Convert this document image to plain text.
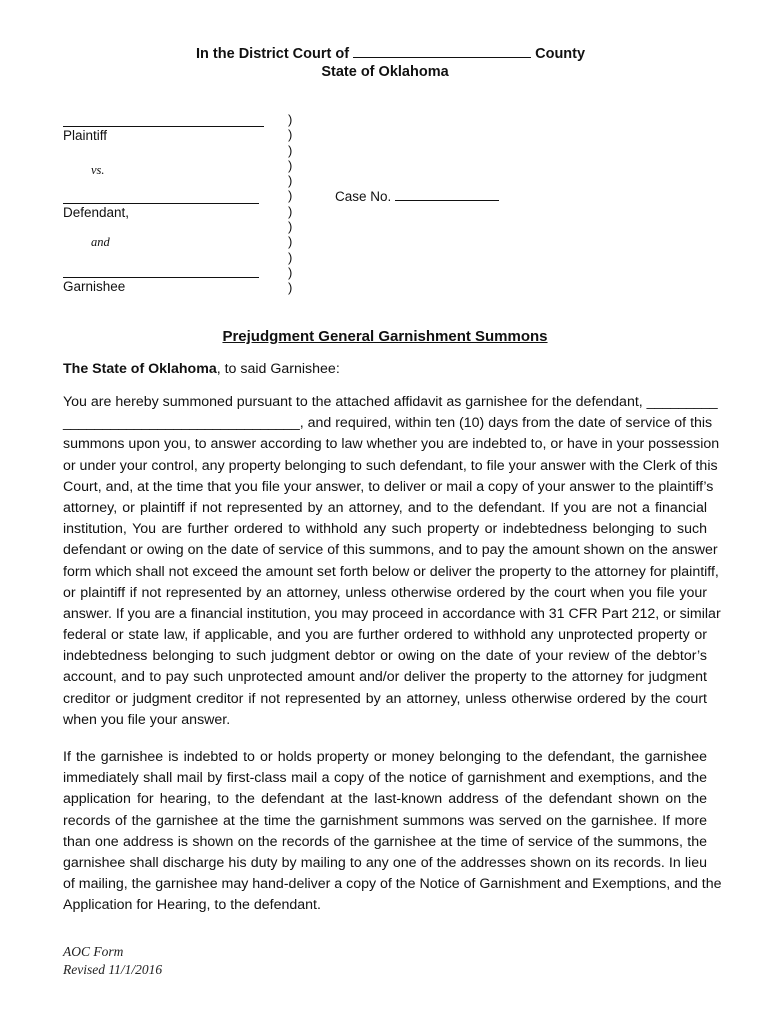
In the District Court of	County
State of Oklahoma
Plaintiff
vs.
Defendant,
and
Garnishee
)
)
)
)
)
)
)
)
)
)
)
)
Case No.
Prejudgment General Garnishment Summons
The State of Oklahoma, to said Garnishee:
You are hereby summoned pursuant to the attached affidavit as garnishee for the defendant, _________
______________________________, and required, within ten (10) days from the date of service of this
summons upon you, to answer according to law whether you are indebted to, or have in your possession
or under your control, any property belonging to such defendant, to file your answer with the Clerk of this
Court, and, at the time that you file your answer, to deliver or mail a copy of your answer to the plaintiff’s
attorney, or plaintiff if not represented by an attorney, and to the defendant. If you are not a financial
institution, You are further ordered to withhold any such property or indebtedness belonging to such
defendant or owing on the date of service of this summons, and to pay the amount shown on the answer
form which shall not exceed the amount set forth below or deliver the property to the attorney for plaintiff,
or plaintiff if not represented by an attorney, unless otherwise ordered by the court when you file your
answer. If you are a financial institution, you may proceed in accordance with 31 CFR Part 212, or similar
federal or state law, if applicable, and you are further ordered to withhold any unprotected property or
indebtedness belonging to such judgment debtor or owing on the date of your review of the debtor’s
account, and to pay such unprotected amount and/or deliver the property to the attorney for judgment
creditor or judgment creditor if not represented by an attorney, unless otherwise ordered by the court
when you file your answer.
If the garnishee is indebted to or holds property or money belonging to the defendant, the garnishee
immediately shall mail by first-class mail a copy of the notice of garnishment and exemptions, and the
application for hearing, to the defendant at the last-known address of the defendant shown on the
records of the garnishee at the time the garnishment summons was served on the garnishee. If more
than one address is shown on the records of the garnishee at the time of service of the summons, the
garnishee shall discharge his duty by mailing to any one of the addresses shown on its records. In lieu
of mailing, the garnishee may hand-deliver a copy of the Notice of Garnishment and Exemptions, and the
Application for Hearing, to the defendant.
AOC Form
Revised 11/1/2016
